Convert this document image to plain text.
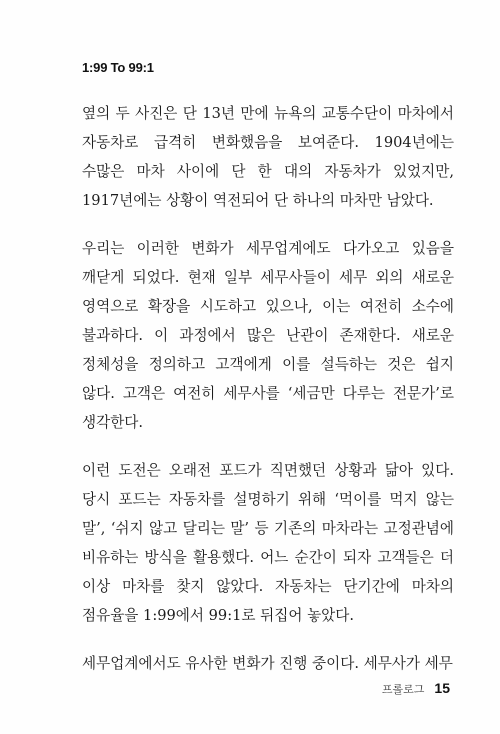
1:99 To 99:1

옆의 두 사진은 단 13년 만에 뉴욕의 교통수단이 마차에서 자동차로 급격히 변화했음을 보여준다. 1904년에는 수많은 마차 사이에 단 한 대의 자동차가 있었지만, 1917년에는 상황이 역전되어 단 하나의 마차만 남았다.

우리는 이러한 변화가 세무업계에도 다가오고 있음을 깨닫게 되었다. 현재 일부 세무사들이 세무 외의 새로운 영역으로 확장을 시도하고 있으나, 이는 여전히 소수에 불과하다. 이 과정에서 많은 난관이 존재한다. 새로운 정체성을 정의하고 고객에게 이를 설득하는 것은 쉽지 않다. 고객은 여전히 세무사를 ‘세금만 다루는 전문가’로 생각한다.

이런 도전은 오래전 포드가 직면했던 상황과 닮아 있다. 당시 포드는 자동차를 설명하기 위해 ‘먹이를 먹지 않는 말’, ‘쉬지 않고 달리는 말’ 등 기존의 마차라는 고정관념에 비유하는 방식을 활용했다. 어느 순간이 되자 고객들은 더 이상 마차를 찾지 않았다. 자동차는 단기간에 마차의 점유율을 1:99에서 99:1로 뒤집어 놓았다.

세무업계에서도 유사한 변화가 진행 중이다. 세무사가 세무

프롤로그 15
